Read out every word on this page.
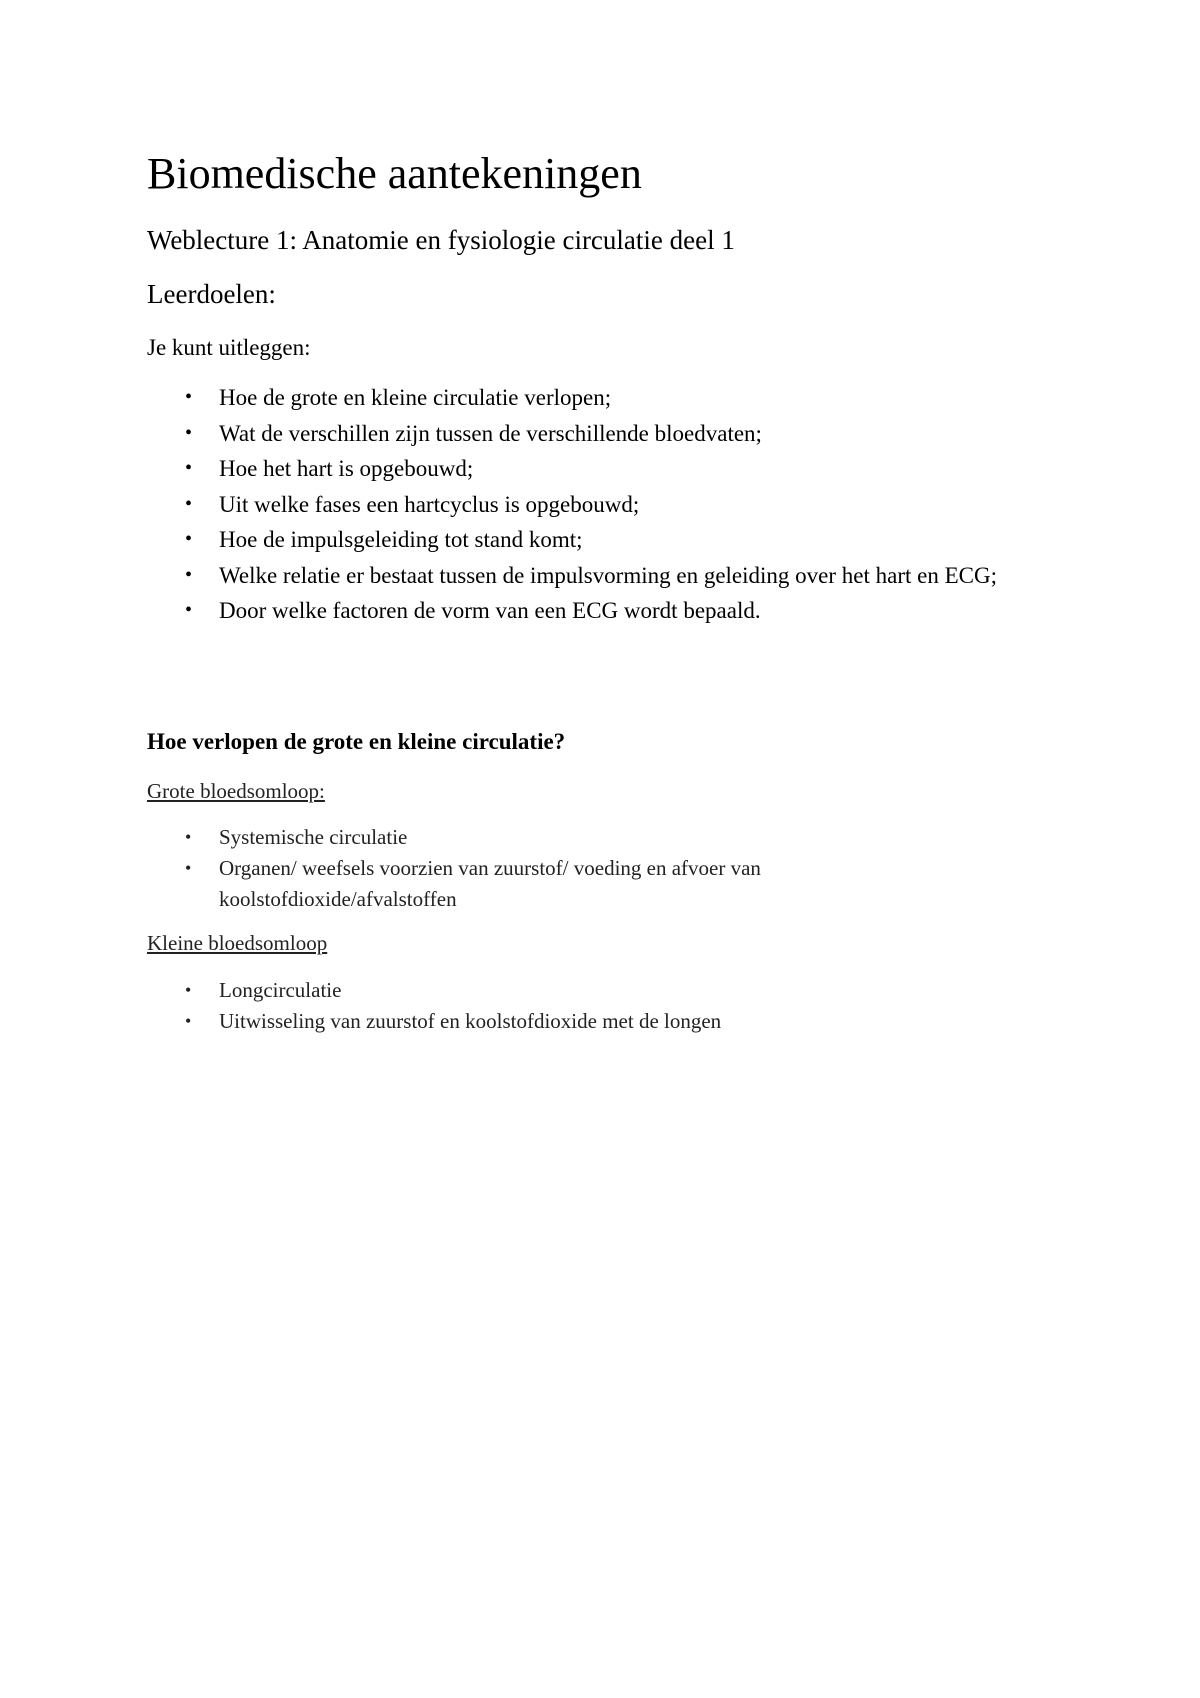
Biomedische aantekeningen
Weblecture 1: Anatomie en fysiologie circulatie deel 1
Leerdoelen:

Je kunt uitleggen:

• Hoe de grote en kleine circulatie verlopen;
• Wat de verschillen zijn tussen de verschillende bloedvaten;
• Hoe het hart is opgebouwd;
• Uit welke fases een hartcyclus is opgebouwd;
• Hoe de impulsgeleiding tot stand komt;
• Welke relatie er bestaat tussen de impulsvorming en geleiding over het hart en ECG;
• Door welke factoren de vorm van een ECG wordt bepaald.
Hoe verlopen de grote en kleine circulatie?

Grote bloedsomloop:

• Systemische circulatie
• Organen/ weefsels voorzien van zuurstof/ voeding en afvoer van koolstofdioxide/afvalstoffen

Kleine bloedsomloop

• Longcirculatie
• Uitwisseling van zuurstof en koolstofdioxide met de longen
